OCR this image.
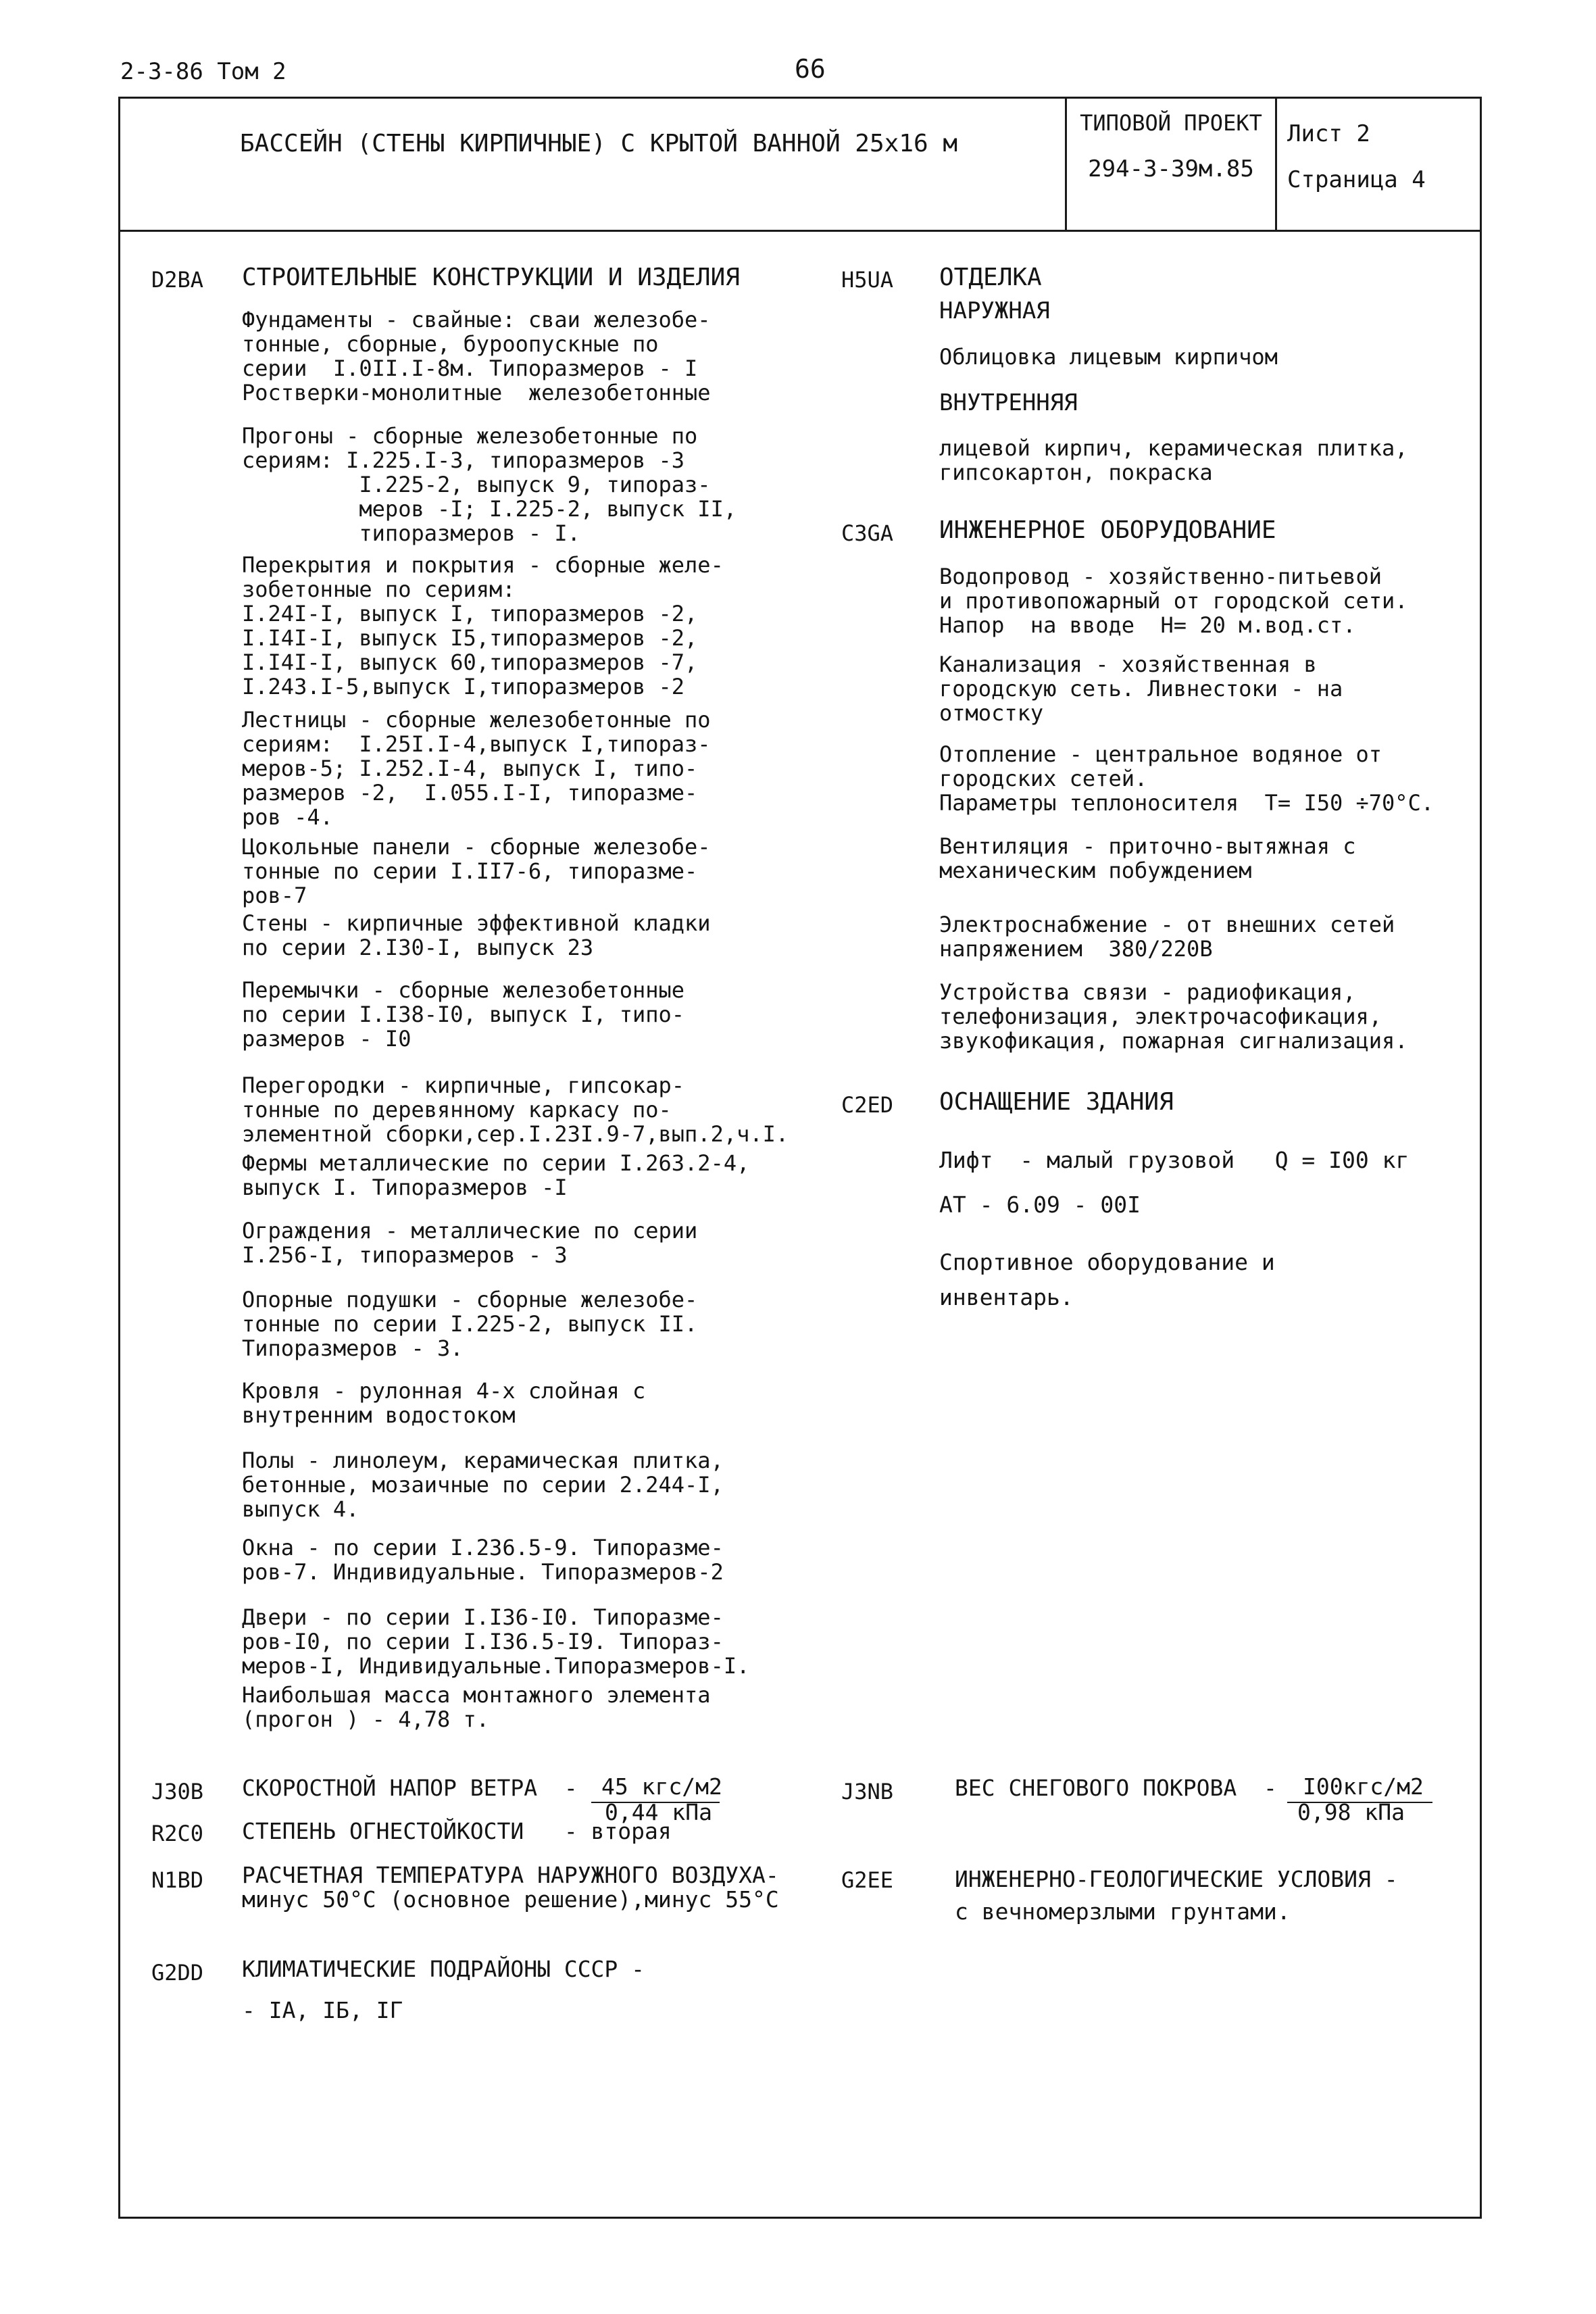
2-3-86 Том 2	66
БАССЕЙН (СТЕНЫ КИРПИЧНЫЕ) С КРЫТОЙ ВАННОЙ 25х16 м
ТИПОВОЙ ПРОЕКТ
294-3-39м.85
Лист 2
Страница 4
D2BA СТРОИТЕЛЬНЫЕ КОНСТРУКЦИИ И ИЗДЕЛИЯ
Фундаменты - свайные: сваи железобе-
тонные, сборные, буроопускные по
серии  I.0II.I-8м. Типоразмеров - I
Ростверки-монолитные  железобетонные
Прогоны - сборные железобетонные по
сериям: I.225.I-3, типоразмеров -3
I.225-2, выпуск 9, типораз-
меров -I; I.225-2, выпуск II,
типоразмеров - I.
Перекрытия и покрытия - сборные желе-
зобетонные по сериям:
I.24I-I, выпуск I, типоразмеров -2,
I.I4I-I, выпуск I5,типоразмеров -2,
I.I4I-I, выпуск 60,типоразмеров -7,
I.243.I-5,выпуск I,типоразмеров -2
Лестницы - сборные железобетонные по
сериям:  I.25I.I-4,выпуск I,типораз-
меров-5; I.252.I-4, выпуск I, типо-
размеров -2,  I.055.I-I, типоразме-
ров -4.
Цокольные панели - сборные железобе-
тонные по серии I.II7-6, типоразме-
ров-7
Стены - кирпичные эффективной кладки
по серии 2.I30-I, выпуск 23
Перемычки - сборные железобетонные
по серии I.I38-I0, выпуск I, типо-
размеров - I0
Перегородки - кирпичные, гипсокар-
тонные по деревянному каркасу по-
элементной сборки,сер.I.23I.9-7,вып.2,ч.I.
Фермы металлические по серии I.263.2-4,
выпуск I. Типоразмеров -I
Ограждения - металлические по серии
I.256-I, типоразмеров - 3
Опорные подушки - сборные железобе-
тонные по серии I.225-2, выпуск II.
Типоразмеров - 3.
Кровля - рулонная 4-х слойная с
внутренним водостоком
Полы - линолеум, керамическая плитка,
бетонные, мозаичные по серии 2.244-I,
выпуск 4.
Окна - по серии I.236.5-9. Типоразме-
ров-7. Индивидуальные. Типоразмеров-2
Двери - по серии I.I36-I0. Типоразме-
ров-I0, по серии I.I36.5-I9. Типораз-
меров-I, Индивидуальные.Типоразмеров-I.
Наибольшая масса монтажного элемента
(прогон ) - 4,78 т.
H5UA ОТДЕЛКА
НАРУЖНАЯ
Облицовка лицевым кирпичом
ВНУТРЕННЯЯ
лицевой кирпич, керамическая плитка,
гипсокартон, покраска
C3GA ИНЖЕНЕРНОЕ ОБОРУДОВАНИЕ
Водопровод - хозяйственно-питьевой
и противопожарный от городской сети.
Напор  на вводе  H= 20 м.вод.ст.
Канализация - хозяйственная в
городскую сеть. Ливнестоки - на
отмостку
Отопление - центральное водяное от
городских сетей.
Параметры теплоносителя  T= I50 ÷70°C.
Вентиляция - приточно-вытяжная с
механическим побуждением
Электроснабжение - от внешних сетей
напряжением  380/220В
Устройства связи - радиофикация,
телефонизация, электрочасофикация,
звукофикация, пожарная сигнализация.
C2ED ОСНАЩЕНИЕ ЗДАНИЯ
Лифт  - малый грузовой   Q = I00 кг
АТ - 6.09 - 00I
Спортивное оборудование и
инвентарь.
J30B СКОРОСТНОЙ НАПОР ВЕТРА  - 45 кгс/м2
0,44 кПа
R2C0 СТЕПЕНЬ ОГНЕСТОЙКОСТИ   - вторая
N1BD РАСЧЕТНАЯ ТЕМПЕРАТУРА НАРУЖНОГО ВОЗДУХА-
минус 50°С (основное решение),минус 55°С
G2DD КЛИМАТИЧЕСКИЕ ПОДРАЙОНЫ СССР -
- IA, IБ, IГ
J3NB	ВЕС СНЕГОВОГО ПОКРОВА  - I00кгс/м2
0,98 кПа
G2EE	ИНЖЕНЕРНО-ГЕОЛОГИЧЕСКИЕ УСЛОВИЯ -
с вечномерзлыми грунтами.
